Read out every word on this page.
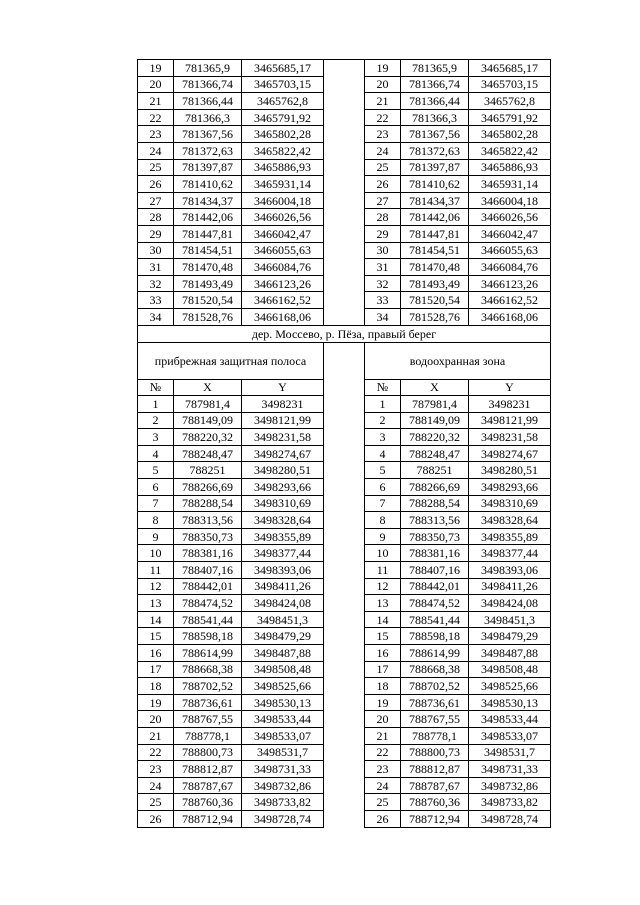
19	781365,9	3465685,17		19	781365,9	3465685,17
20	781366,74	3465703,15		20	781366,74	3465703,15
21	781366,44	3465762,8		21	781366,44	3465762,8
22	781366,3	3465791,92		22	781366,3	3465791,92
23	781367,56	3465802,28		23	781367,56	3465802,28
24	781372,63	3465822,42		24	781372,63	3465822,42
25	781397,87	3465886,93		25	781397,87	3465886,93
26	781410,62	3465931,14		26	781410,62	3465931,14
27	781434,37	3466004,18		27	781434,37	3466004,18
28	781442,06	3466026,56		28	781442,06	3466026,56
29	781447,81	3466042,47		29	781447,81	3466042,47
30	781454,51	3466055,63		30	781454,51	3466055,63
31	781470,48	3466084,76		31	781470,48	3466084,76
32	781493,49	3466123,26		32	781493,49	3466123,26
33	781520,54	3466162,52		33	781520,54	3466162,52
34	781528,76	3466168,06		34	781528,76	3466168,06
дер. Моссево, р. Пёза, правый берег						
прибрежная защитная полоса				водоохранная зона		
№	X	Y		№	X	Y
1	787981,4	3498231		1	787981,4	3498231
2	788149,09	3498121,99		2	788149,09	3498121,99
3	788220,32	3498231,58		3	788220,32	3498231,58
4	788248,47	3498274,67		4	788248,47	3498274,67
5	788251	3498280,51		5	788251	3498280,51
6	788266,69	3498293,66		6	788266,69	3498293,66
7	788288,54	3498310,69		7	788288,54	3498310,69
8	788313,56	3498328,64		8	788313,56	3498328,64
9	788350,73	3498355,89		9	788350,73	3498355,89
10	788381,16	3498377,44		10	788381,16	3498377,44
11	788407,16	3498393,06		11	788407,16	3498393,06
12	788442,01	3498411,26		12	788442,01	3498411,26
13	788474,52	3498424,08		13	788474,52	3498424,08
14	788541,44	3498451,3		14	788541,44	3498451,3
15	788598,18	3498479,29		15	788598,18	3498479,29
16	788614,99	3498487,88		16	788614,99	3498487,88
17	788668,38	3498508,48		17	788668,38	3498508,48
18	788702,52	3498525,66		18	788702,52	3498525,66
19	788736,61	3498530,13		19	788736,61	3498530,13
20	788767,55	3498533,44		20	788767,55	3498533,44
21	788778,1	3498533,07		21	788778,1	3498533,07
22	788800,73	3498531,7		22	788800,73	3498531,7
23	788812,87	3498731,33		23	788812,87	3498731,33
24	788787,67	3498732,86		24	788787,67	3498732,86
25	788760,36	3498733,82		25	788760,36	3498733,82
26	788712,94	3498728,74		26	788712,94	3498728,74
